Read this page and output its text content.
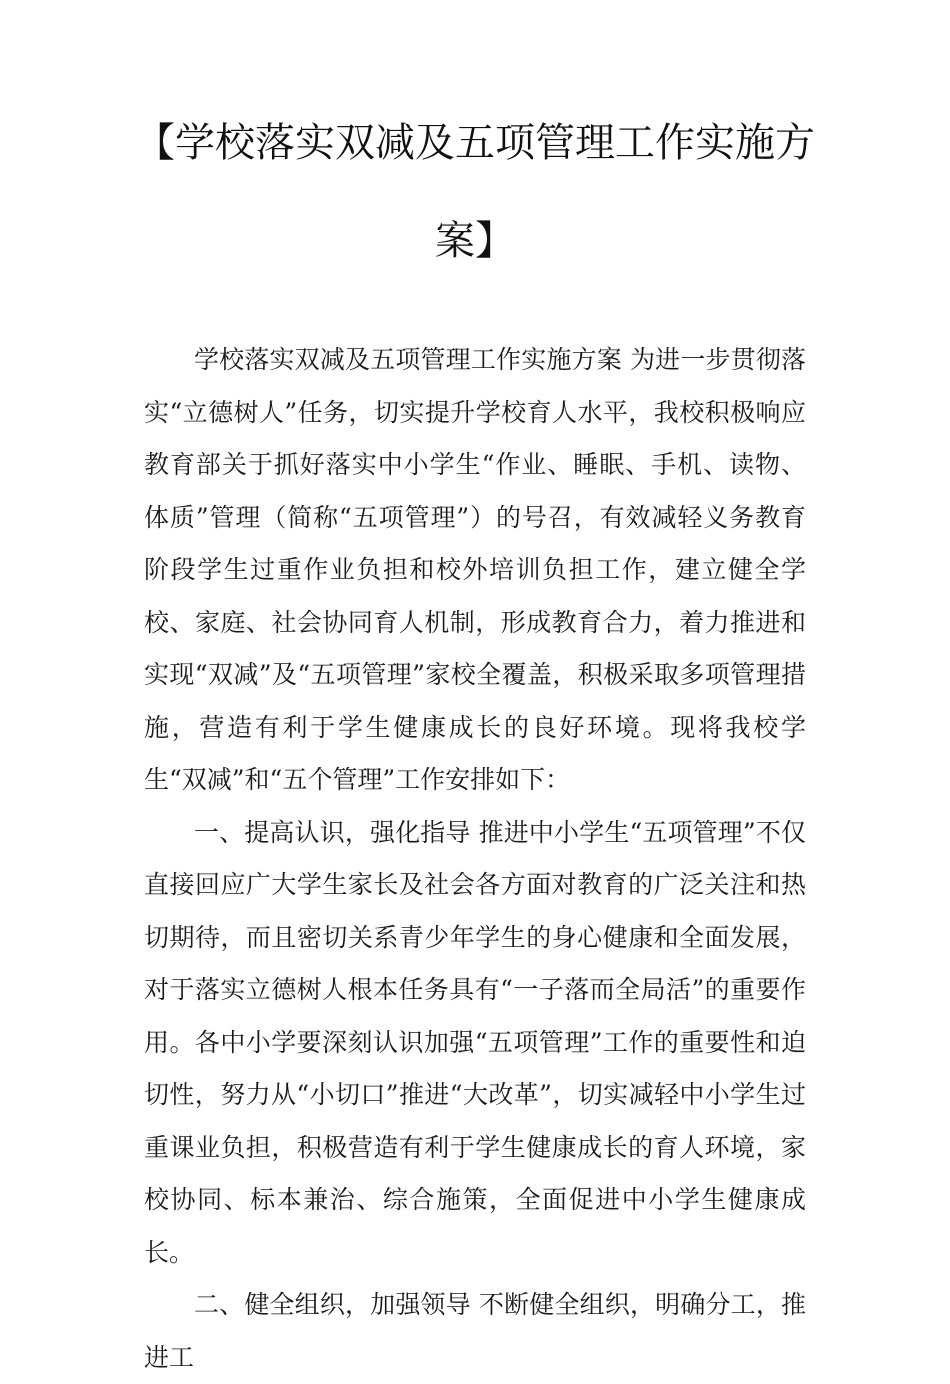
【学校落实双减及五项管理工作实施方
案】

学校落实双减及五项管理工作实施方案 为进一步贯彻落实“立德树人”任务，切实提升学校育人水平，我校积极响应教育部关于抓好落实中小学生“作业、睡眠、手机、读物、体质”管理（简称“五项管理”）的号召，有效减轻义务教育阶段学生过重作业负担和校外培训负担工作，建立健全学校、家庭、社会协同育人机制，形成教育合力，着力推进和实现“双减”及“五项管理”家校全覆盖，积极采取多项管理措施，营造有利于学生健康成长的良好环境。现将我校学生“双减”和“五个管理”工作安排如下：

一、提高认识，强化指导 推进中小学生“五项管理”不仅直接回应广大学生家长及社会各方面对教育的广泛关注和热切期待，而且密切关系青少年学生的身心健康和全面发展，对于落实立德树人根本任务具有“一子落而全局活”的重要作用。各中小学要深刻认识加强“五项管理”工作的重要性和迫切性，努力从“小切口”推进“大改革”，切实减轻中小学生过重课业负担，积极营造有利于学生健康成长的育人环境，家校协同、标本兼治、综合施策，全面促进中小学生健康成长。

二、健全组织，加强领导 不断健全组织，明确分工，推进工
